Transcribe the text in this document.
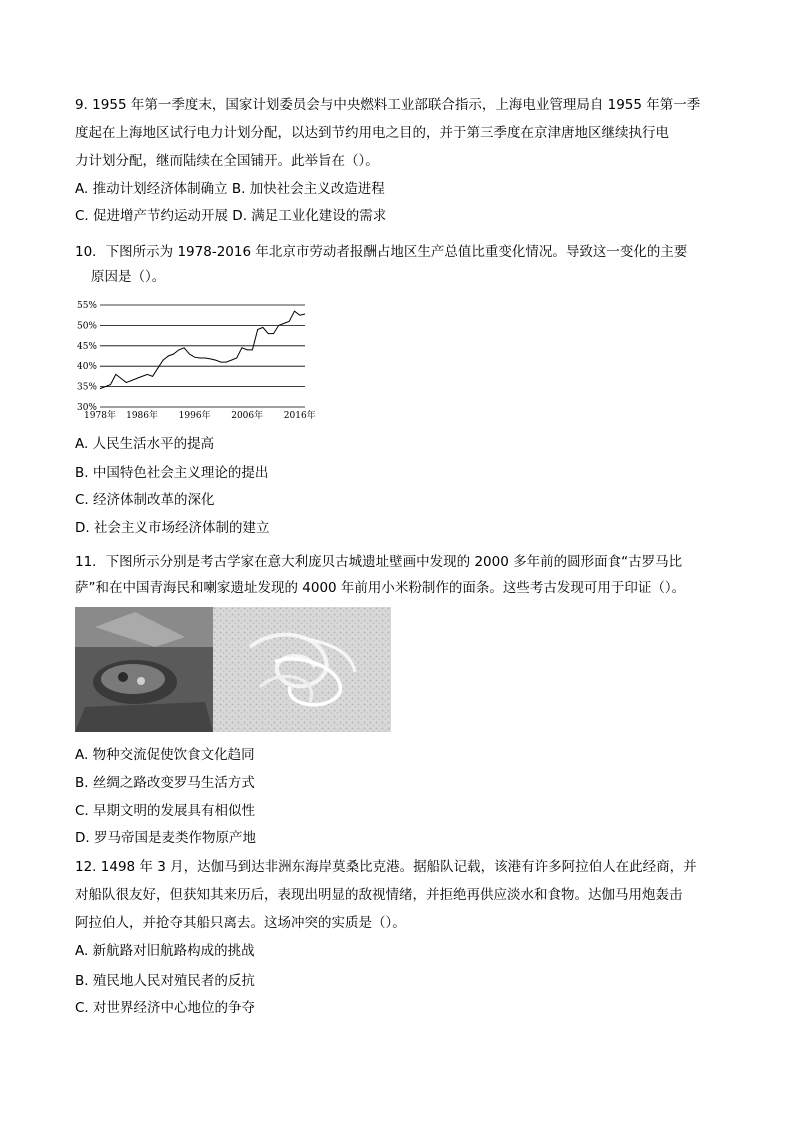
9. 1955 年第一季度末，国家计划委员会与中央燃料工业部联合指示，上海电业管理局自 1955 年第一季
度起在上海地区试行电力计划分配，以达到节约用电之目的，并于第三季度在京津唐地区继续执行电
力计划分配，继而陆续在全国铺开。此举旨在（）。
A. 推动计划经济体制确立 B. 加快社会主义改造进程
C. 促进增产节约运动开展 D. 满足工业化建设的需求
10．下图所示为 1978-2016 年北京市劳动者报酬占地区生产总值比重变化情况。导致这一变化的主要
原因是（）。
55%
50%
45%
40%
35%
30%
1978年 1986年 1996年 2006年 2016年
A. 人民生活水平的提高
B. 中国特色社会主义理论的提出
C. 经济体制改革的深化
D. 社会主义市场经济体制的建立
11．下图所示分别是考古学家在意大利庞贝古城遗址壁画中发现的 2000 多年前的圆形面食“古罗马比
萨”和在中国青海民和喇家遗址发现的 4000 年前用小米粉制作的面条。这些考古发现可用于印证（）。
A. 物种交流促使饮食文化趋同
B. 丝绸之路改变罗马生活方式
C. 早期文明的发展具有相似性
D. 罗马帝国是麦类作物原产地
12. 1498 年 3 月，达伽马到达非洲东海岸莫桑比克港。据船队记载，该港有许多阿拉伯人在此经商，并
对船队很友好，但获知其来历后，表现出明显的敌视情绪，并拒绝再供应淡水和食物。达伽马用炮轰击
阿拉伯人，并抢夺其船只离去。这场冲突的实质是（）。
A. 新航路对旧航路构成的挑战
B. 殖民地人民对殖民者的反抗
C. 对世界经济中心地位的争夺
